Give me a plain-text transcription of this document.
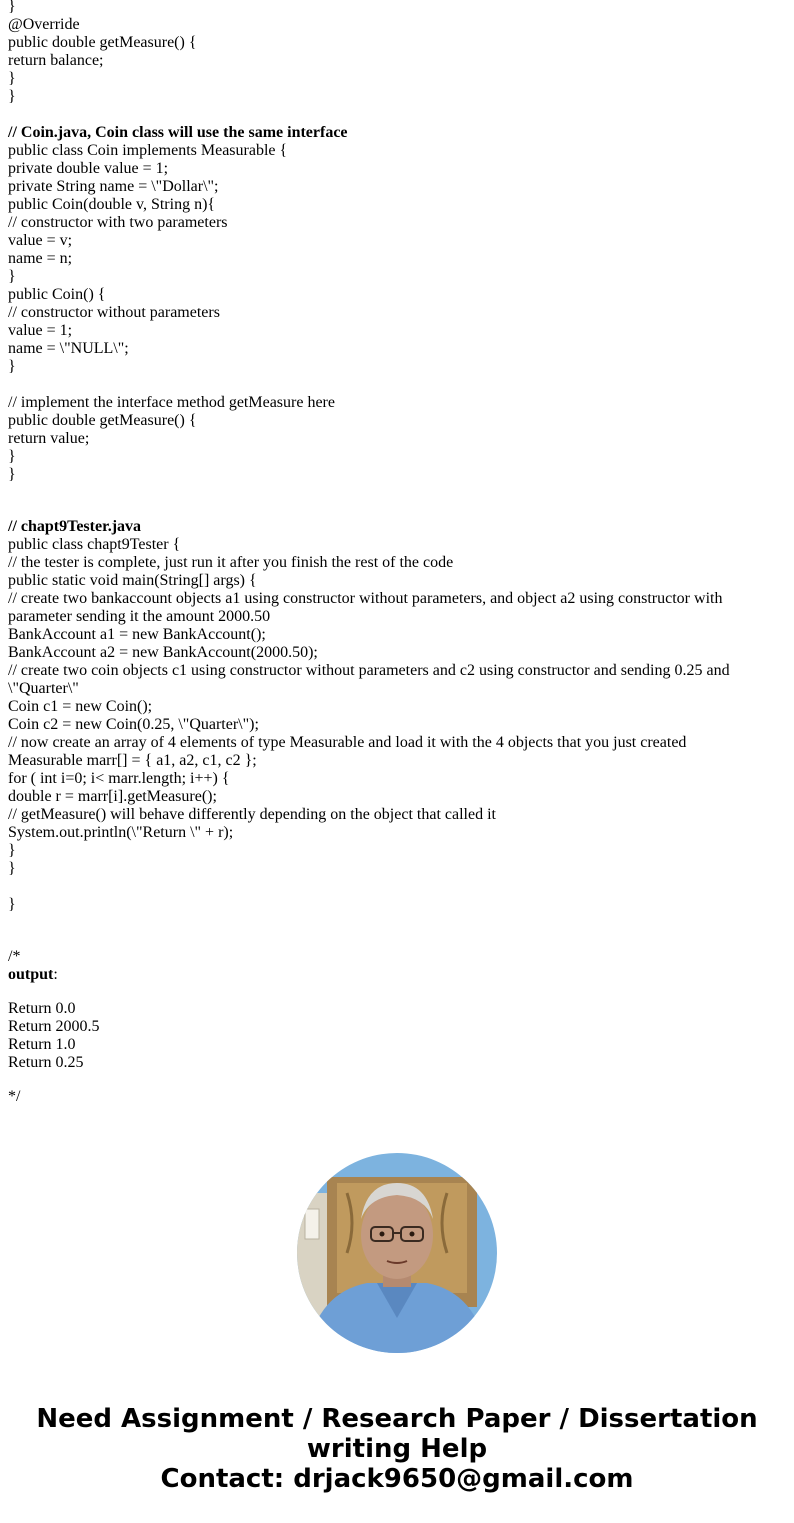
}
@Override
public double getMeasure() {
return balance;
}
}
// Coin.java, Coin class will use the same interface
public class Coin implements Measurable {
private double value = 1;
private String name = \"Dollar\";
public Coin(double v, String n){
// constructor with two parameters
value = v;
name = n;
}
public Coin() {
// constructor without parameters
value = 1;
name = \"NULL\";
}
// implement the interface method getMeasure here
public double getMeasure() {
return value;
}
}
// chapt9Tester.java
public class chapt9Tester {
// the tester is complete, just run it after you finish the rest of the code
public static void main(String[] args) {
// create two bankaccount objects a1 using constructor without parameters, and object a2 using constructor with
parameter sending it the amount 2000.50
BankAccount a1 = new BankAccount();
BankAccount a2 = new BankAccount(2000.50);
// create two coin objects c1 using constructor without parameters and c2 using constructor and sending 0.25 and
\"Quarter\"
Coin c1 = new Coin();
Coin c2 = new Coin(0.25, \"Quarter\");
// now create an array of 4 elements of type Measurable and load it with the 4 objects that you just created
Measurable marr[] = { a1, a2, c1, c2 };
for ( int i=0; i< marr.length; i++) {
double r = marr[i].getMeasure();
// getMeasure() will behave differently depending on the object that called it
System.out.println(\"Return \" + r);
}
}
}
/*
output:
Return 0.0
Return 2000.5
Return 1.0
Return 0.25
*/
Need Assignment / Research Paper / Dissertation
writing Help
Contact: drjack9650@gmail.com
